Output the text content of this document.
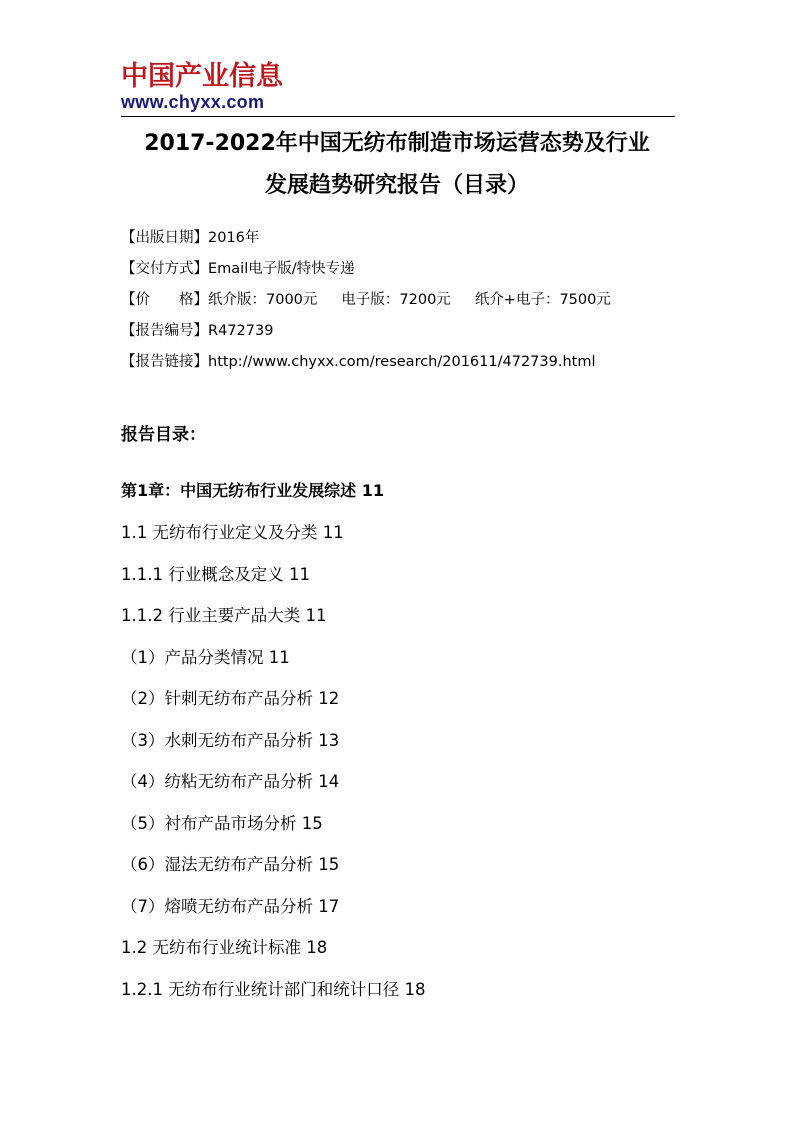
中国产业信息
www.chyxx.com
2017-2022年中国无纺布制造市场运营态势及行业
发展趋势研究报告（目录）
【出版日期】2016年
【交付方式】Email电子版/特快专递
【价　　格】纸介版：7000元 电子版：7200元 纸介+电子：7500元
【报告编号】R472739
【报告链接】http://www.chyxx.com/research/201611/472739.html
报告目录：
第1章：中国无纺布行业发展综述 11
1.1 无纺布行业定义及分类 11
1.1.1 行业概念及定义 11
1.1.2 行业主要产品大类 11
（1）产品分类情况 11
（2）针刺无纺布产品分析 12
（3）水刺无纺布产品分析 13
（4）纺粘无纺布产品分析 14
（5）衬布产品市场分析 15
（6）湿法无纺布产品分析 15
（7）熔喷无纺布产品分析 17
1.2 无纺布行业统计标准 18
1.2.1 无纺布行业统计部门和统计口径 18
